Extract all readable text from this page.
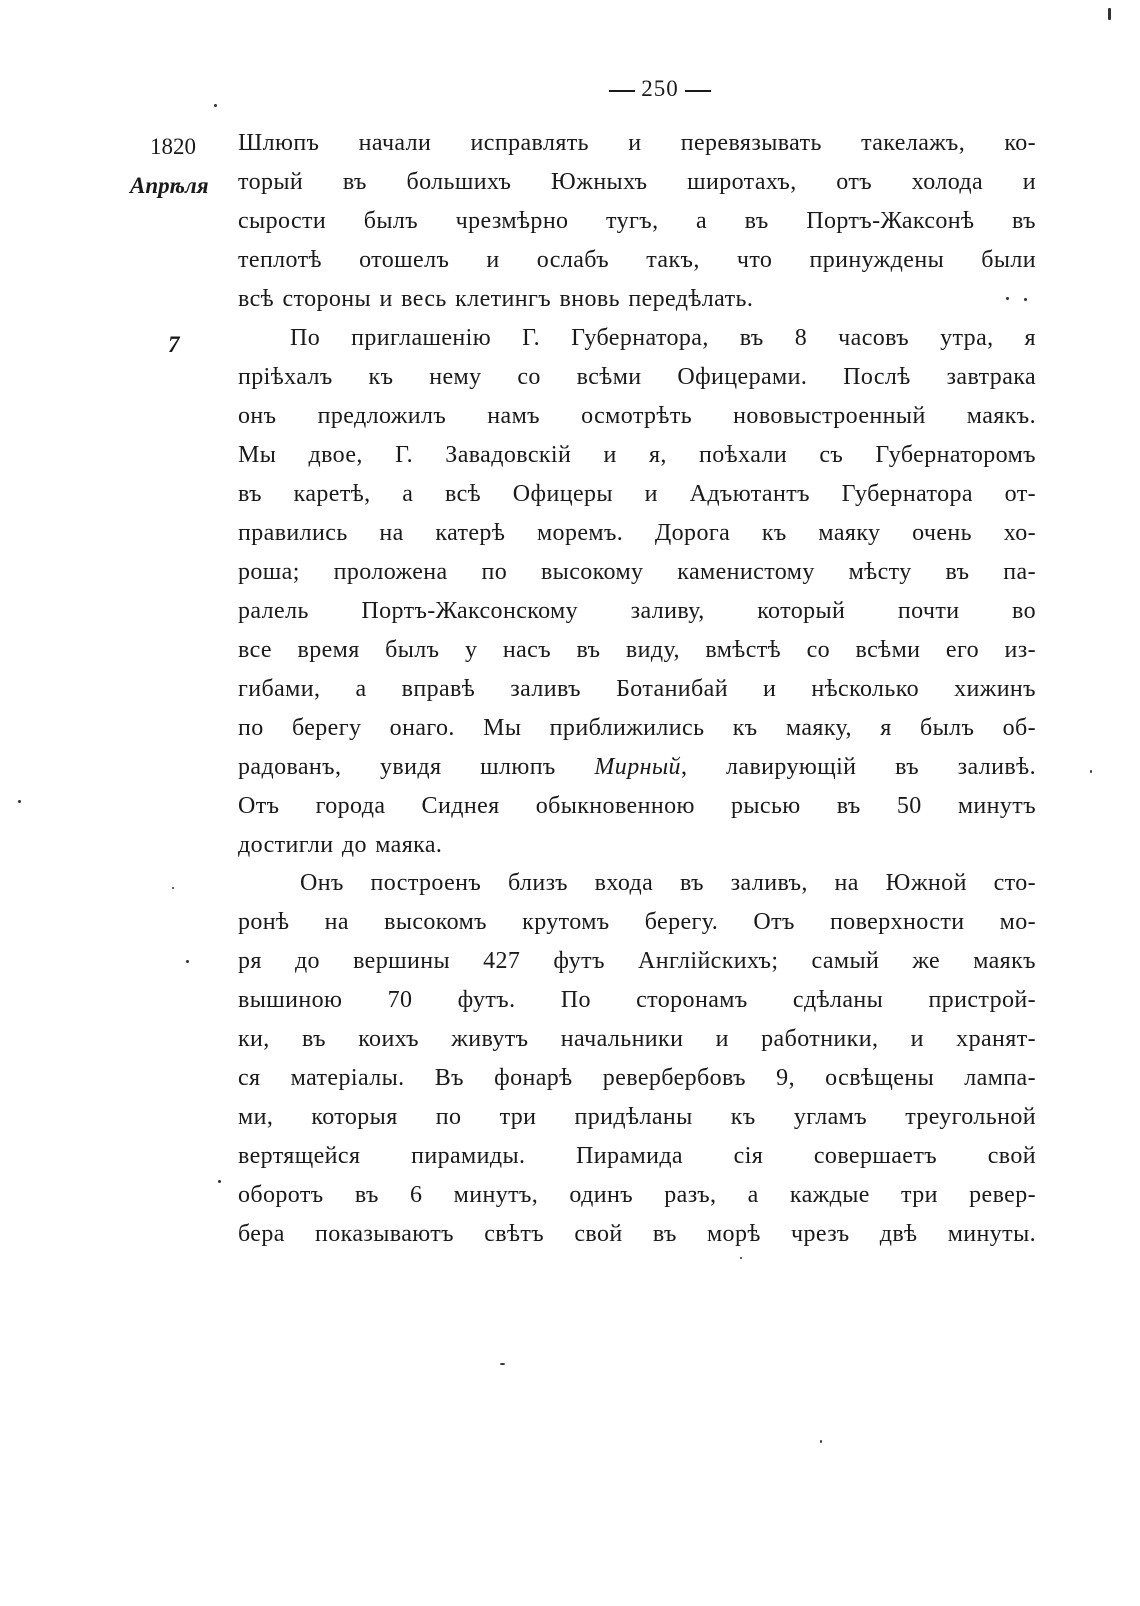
250
1820
Апрѣля
7
Шлюпъ начали исправлять и перевязывать такелажъ, ко-
торый въ большихъ Южныхъ широтахъ, отъ холода и
сырости былъ чрезмѣрно тугъ, а въ Портъ-Жаксонѣ въ
теплотѣ отошелъ и ослабъ такъ, что принуждены были
всѣ стороны и весь клетингъ вновь передѣлать.
По приглашенію Г. Губернатора, въ 8 часовъ утра, я
пріѣхалъ къ нему со всѣми Офицерами. Послѣ завтрака
онъ предложилъ намъ осмотрѣть нововыстроенный маякъ.
Мы двое, Г. Завадовскій и я, поѣхали съ Губернаторомъ
въ каретѣ, а всѣ Офицеры и Адъютантъ Губернатора от-
правились на катерѣ моремъ. Дорога къ маяку очень хо-
роша; проложена по высокому каменистому мѣсту въ па-
ралель Портъ-Жаксонскому заливу, который почти во
все время былъ у насъ въ виду, вмѣстѣ со всѣми его из-
гибами, а вправѣ заливъ Ботанибай и нѣсколько хижинъ
по берегу онаго. Мы приближились къ маяку, я былъ об-
радованъ, увидя шлюпъ Мирный, лавирующій въ заливѣ.
Отъ города Сиднея обыкновенною рысью въ 50 минутъ
достигли до маяка.
Онъ построенъ близъ входа въ заливъ, на Южной сто-
ронѣ на высокомъ крутомъ берегу. Отъ поверхности мо-
ря до вершины 427 футъ Англійскихъ; самый же маякъ
вышиною 70 футъ. По сторонамъ сдѣланы пристрой-
ки, въ коихъ живутъ начальники и работники, и хранят-
ся матеріалы. Въ фонарѣ ревербербовъ 9, освѣщены лампа-
ми, которыя по три придѣланы къ угламъ треугольной
вертящейся пирамиды. Пирамида сія совершаетъ свой
оборотъ въ 6 минутъ, одинъ разъ, а каждые три ревер-
бера показываютъ свѣтъ свой въ морѣ чрезъ двѣ минуты.
